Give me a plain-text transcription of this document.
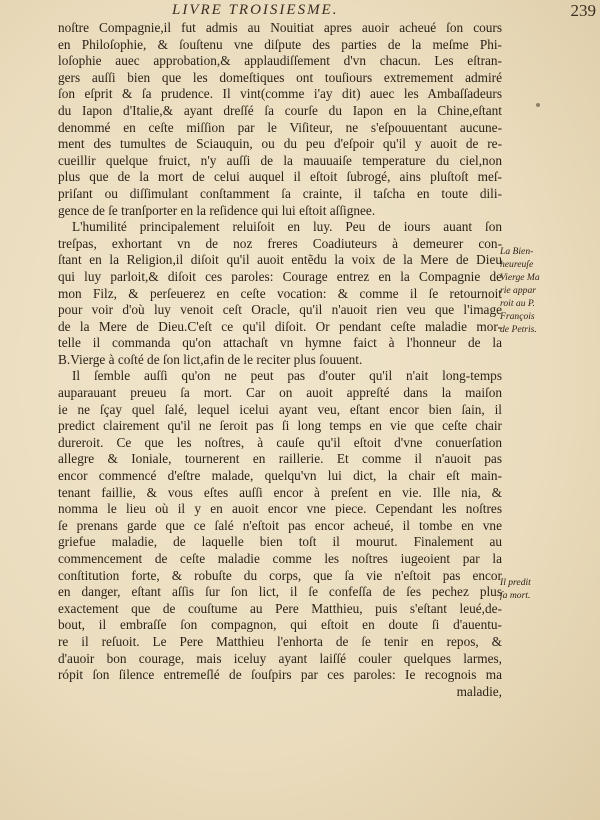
LIVRE TROISIESME.	239
noſtre Compagnie,il fut admis au Nouitiat apres auoir acheué ſon cours
en Philoſophie, & ſouſtenu vne diſpute des parties de la meſme Phi-
loſophie auec approbation,& applaudiſſement d'vn chacun. Les eſtran-
gers auſſi bien que les domeſtiques ont touſiours extremement admiré
ſon eſprit & ſa prudence. Il vint(comme i'ay dit) auec les Ambaſſadeurs
du Iapon d'Italie,& ayant dreſſé ſa courſe du Iapon en la Chine,eſtant
denommé en ceſte miſſion par le Viſiteur, ne s'eſpouuentant aucune-
ment des tumultes de Sciauquin, ou du peu d'eſpoir qu'il y auoit de re-
cueillir quelque fruict, n'y auſſi de la mauuaiſe temperature du ciel,non
plus que de la mort de celui auquel il eſtoit ſubrogé, ains pluſtoſt meſ-
priſant ou diſſimulant conſtamment ſa crainte, il taſcha en toute dili-
gence de ſe tranſporter en la reſidence qui lui eſtoit aſſignee.
L'humilité principalement reluiſoit en luy. Peu de iours auant ſon
treſpas, exhortant vn de noz freres Coadiuteurs à demeurer con-
ſtant en la Religion,il diſoit qu'il auoit entẽdu la voix de la Mere de Dieu
qui luy parloit,& diſoit ces paroles: Courage entrez en la Compagnie de
mon Filz, & perſeuerez en ceſte vocation: & comme il ſe retournoit
pour voir d'où luy venoit ceſt Oracle, qu'il n'auoit rien veu que l'image
de la Mere de Dieu.C'eſt ce qu'il diſoit. Or pendant ceſte maladie mor-
telle il commanda qu'on attachaſt vn hymne faict à l'honneur de la
B.Vierge à coſté de ſon lict,afin de le reciter plus ſouuent.
Il ſemble auſſi qu'on ne peut pas d'outer qu'il n'ait long-temps
auparauant preueu ſa mort. Car on auoit appreſté dans la maiſon
ie ne ſçay quel ſalé, lequel icelui ayant veu, eſtant encor bien ſain, il
predict clairement qu'il ne ſeroit pas ſi long temps en vie que ceſte chair
dureroit. Ce que les noſtres, à cauſe qu'il eſtoit d'vne conuerſation
allegre & Ioniale, tournerent en raillerie. Et comme il n'auoit pas
encor commencé d'eſtre malade, quelqu'vn lui dict, la chair eſt main-
tenant faillie, & vous eſtes auſſi encor à preſent en vie. Ille nia, &
nomma le lieu où il y en auoit encor vne piece. Cependant les noſtres
ſe prenans garde que ce ſalé n'eſtoit pas encor acheué, il tombe en vne
griefue maladie, de laquelle bien toſt il mourut. Finalement au
commencement de ceſte maladie comme les noſtres iugeoient par la
conſtitution forte, & robuſte du corps, que ſa vie n'eſtoit pas encor
en danger, eſtant aſſis ſur ſon lict, il ſe confeſſa de ſes pechez plus
exactement que de couſtume au Pere Matthieu, puis s'eſtant leué,de-
bout, il embraſſe ſon compagnon, qui eſtoit en doute ſi d'auentu-
re il reſuoit. Le Pere Matthieu l'enhorta de ſe tenir en repos, &
d'auoir bon courage, mais iceluy ayant laiſſé couler quelques larmes,
rópit ſon ſilence entremeſlé de ſouſpirs par ces paroles: Ie recognois ma
maladie,
La Bien-
heureuſe
Vierge Ma
rie appar
roit au P.
François
de Petris.
Il predit
ſa mort.
